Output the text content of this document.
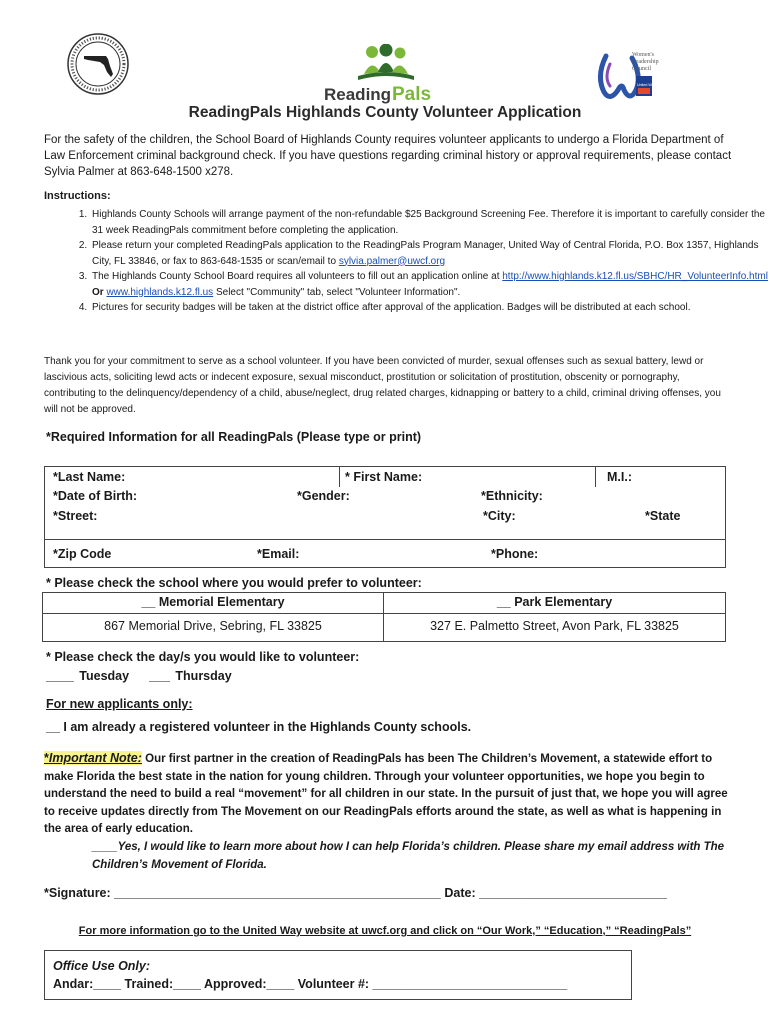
Reading Pals
Women's
Leadership
Council
United Way
ReadingPals Highlands County Volunteer Application

For the safety of the children, the School Board of Highlands County requires volunteer applicants to undergo a Florida Department of Law Enforcement criminal background check. If you have questions regarding criminal history or approval requirements, please contact Sylvia Palmer at 863-648-1500 x278.

Instructions:

1. Highlands County Schools will arrange payment of the non-refundable $25 Background Screening Fee. Therefore it is important to carefully consider the 31 week ReadingPals commitment before completing the application.
2. Please return your completed ReadingPals application to the ReadingPals Program Manager, United Way of Central Florida, P.O. Box 1357, Highlands City, FL 33846, or fax to 863-648-1535 or scan/email to sylvia.palmer@uwcf.org
3. The Highlands County School Board requires all volunteers to fill out an application online at http://www.highlands.k12.fl.us/SBHC/HR_VolunteerInfo.html Or www.highlands.k12.fl.us Select "Community" tab, select "Volunteer Information".
4. Pictures for security badges will be taken at the district office after approval of the application. Badges will be distributed at each school.

Thank you for your commitment to serve as a school volunteer. If you have been convicted of murder, sexual offenses such as sexual battery, lewd or lascivious acts, soliciting lewd acts or indecent exposure, sexual misconduct, prostitution or solicitation of prostitution, obscenity or pornography, contributing to the delinquency/dependency of a child, abuse/neglect, drug related charges, kidnapping or battery to a child, criminal driving offenses, you will not be approved.

*Required Information for all ReadingPals (Please type or print)

*Last Name:	* First Name:	M.I.:
*Date of Birth:	*Gender:	*Ethnicity:
*Street:	*City:	*State
*Zip Code	*Email:	*Phone:

* Please check the school where you would prefer to volunteer:

__ Memorial Elementary	__ Park Elementary
867 Memorial Drive, Sebring, FL 33825	327 E. Palmetto Street, Avon Park, FL 33825

* Please check the day/s you would like to volunteer:

____ Tuesday ___ Thursday

For new applicants only:

__ I am already a registered volunteer in the Highlands County schools.

*Important Note: Our first partner in the creation of ReadingPals has been The Children’s Movement, a statewide effort to make Florida the best state in the nation for young children. Through your volunteer opportunities, we hope you begin to understand the need to build a real “movement” for all children in our state. In the pursuit of just that, we hope you will agree to receive updates directly from The Movement on our ReadingPals efforts around the state, as well as what is happening in the area of early education.

____Yes, I would like to learn more about how I can help Florida’s children. Please share my email address with The Children’s Movement of Florida.

*Signature: _______________________________________________ Date: ___________________________

For more information go to the United Way website at uwcf.org and click on “Our Work,” “Education,” “ReadingPals”

Office Use Only:

Andar:____ Trained:____ Approved:____ Volunteer #: ____________________________
